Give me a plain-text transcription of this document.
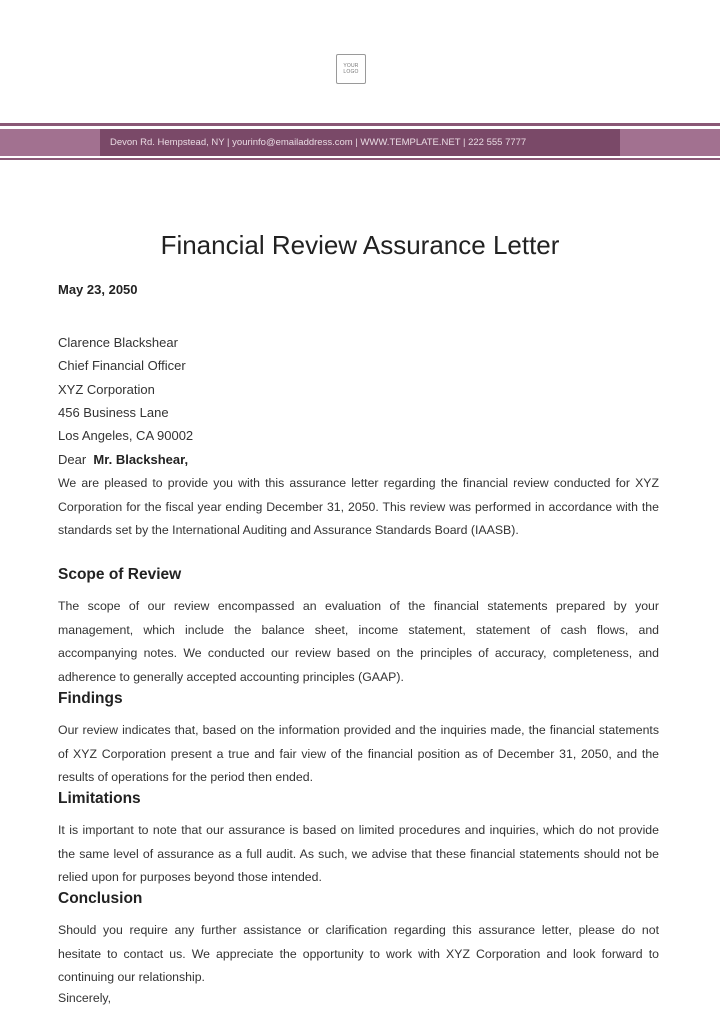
YOUR
LOGO
Devon Rd. Hempstead, NY | yourinfo@emailaddress.com | WWW.TEMPLATE.NET | 222 555 7777
Financial Review Assurance Letter
May 23, 2050
Clarence Blackshear
Chief Financial Officer
XYZ Corporation
456 Business Lane
Los Angeles, CA 90002
Dear Mr. Blackshear,

We are pleased to provide you with this assurance letter regarding the financial review conducted for XYZ Corporation for the fiscal year ending December 31, 2050. This review was performed in accordance with the standards set by the International Auditing and Assurance Standards Board (IAASB).

Scope of Review

The scope of our review encompassed an evaluation of the financial statements prepared by your management, which include the balance sheet, income statement, statement of cash flows, and accompanying notes. We conducted our review based on the principles of accuracy, completeness, and adherence to generally accepted accounting principles (GAAP).

Findings

Our review indicates that, based on the information provided and the inquiries made, the financial statements of XYZ Corporation present a true and fair view of the financial position as of December 31, 2050, and the results of operations for the period then ended.

Limitations

It is important to note that our assurance is based on limited procedures and inquiries, which do not provide the same level of assurance as a full audit. As such, we advise that these financial statements should not be relied upon for purposes beyond those intended.

Conclusion

Should you require any further assistance or clarification regarding this assurance letter, please do not hesitate to contact us. We appreciate the opportunity to work with XYZ Corporation and look forward to continuing our relationship.

Sincerely,
